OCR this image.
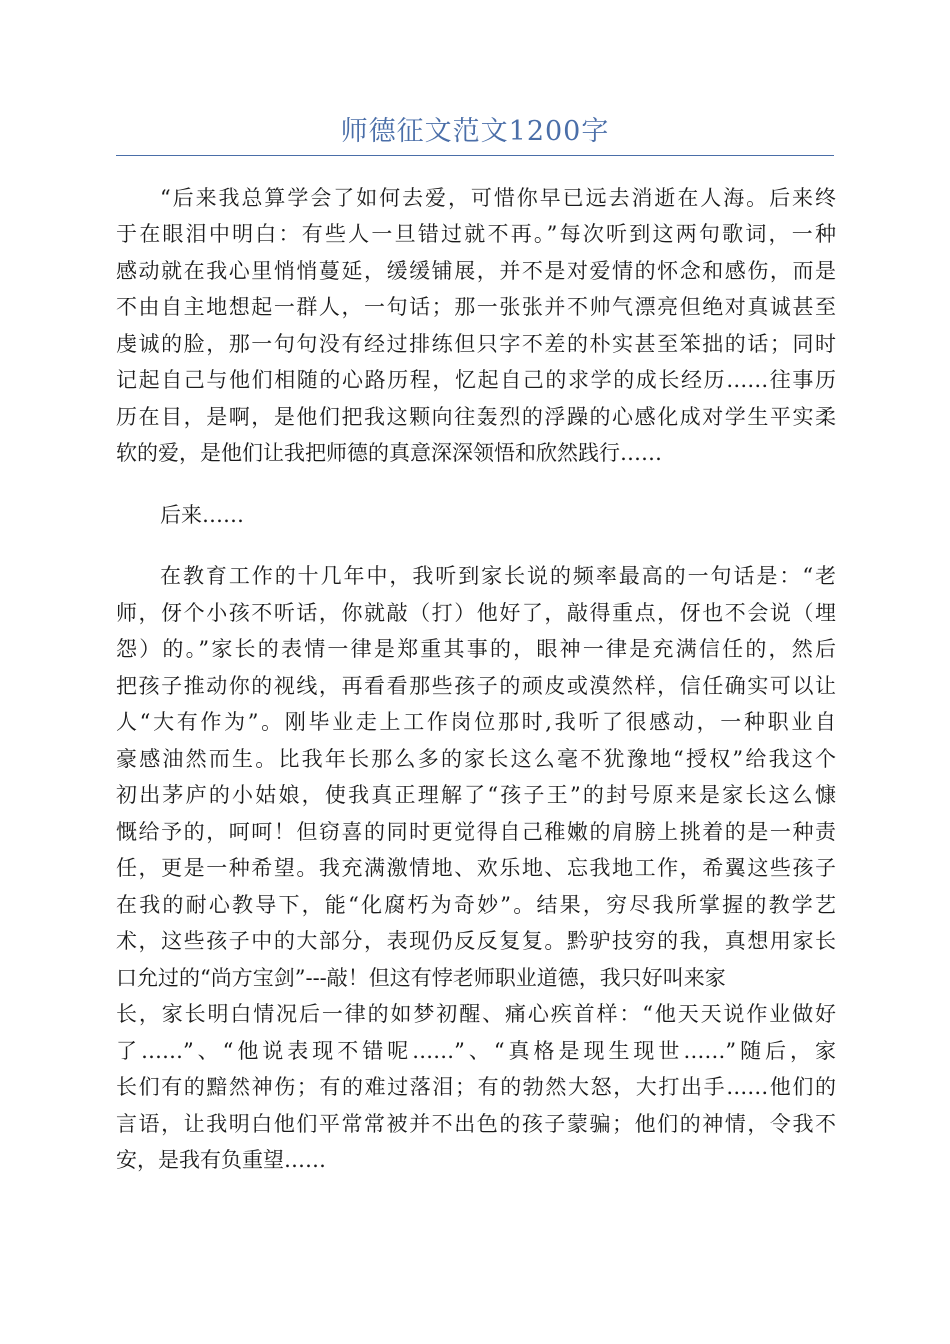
师德征文范文1200字
“后来我总算学会了如何去爱，可惜你早已远去消逝在人海。后来终
于在眼泪中明白：有些人一旦错过就不再。”每次听到这两句歌词，一种
感动就在我心里悄悄蔓延，缓缓铺展，并不是对爱情的怀念和感伤，而是
不由自主地想起一群人，一句话；那一张张并不帅气漂亮但绝对真诚甚至
虔诚的脸，那一句句没有经过排练但只字不差的朴实甚至笨拙的话；同时
记起自己与他们相随的心路历程，忆起自己的求学的成长经历……往事历
历在目，是啊，是他们把我这颗向往轰烈的浮躁的心感化成对学生平实柔
软的爱，是他们让我把师德的真意深深领悟和欣然践行……
后来……
在教育工作的十几年中，我听到家长说的频率最高的一句话是：“老
师，伢个小孩不听话，你就敲（打）他好了，敲得重点，伢也不会说（埋
怨）的。”家长的表情一律是郑重其事的，眼神一律是充满信任的，然后
把孩子推动你的视线，再看看那些孩子的顽皮或漠然样，信任确实可以让
人“大有作为”。刚毕业走上工作岗位那时,我听了很感动，一种职业自
豪感油然而生。比我年长那么多的家长这么毫不犹豫地“授权”给我这个
初出茅庐的小姑娘，使我真正理解了“孩子王”的封号原来是家长这么慷
慨给予的，呵呵！但窃喜的同时更觉得自己稚嫩的肩膀上挑着的是一种责
任，更是一种希望。我充满激情地、欢乐地、忘我地工作，希翼这些孩子
在我的耐心教导下，能“化腐朽为奇妙”。结果，穷尽我所掌握的教学艺
术，这些孩子中的大部分，表现仍反反复复。黔驴技穷的我，真想用家长
口允过的“尚方宝剑”---敲！但这有悖老师职业道德，我只好叫来家
长，家长明白情况后一律的如梦初醒、痛心疾首样：“他天天说作业做好
了……”、“他说表现不错呢……”、“真格是现生现世……”随后，家
长们有的黯然神伤；有的难过落泪；有的勃然大怒，大打出手……他们的
言语，让我明白他们平常常被并不出色的孩子蒙骗；他们的神情，令我不
安，是我有负重望……
